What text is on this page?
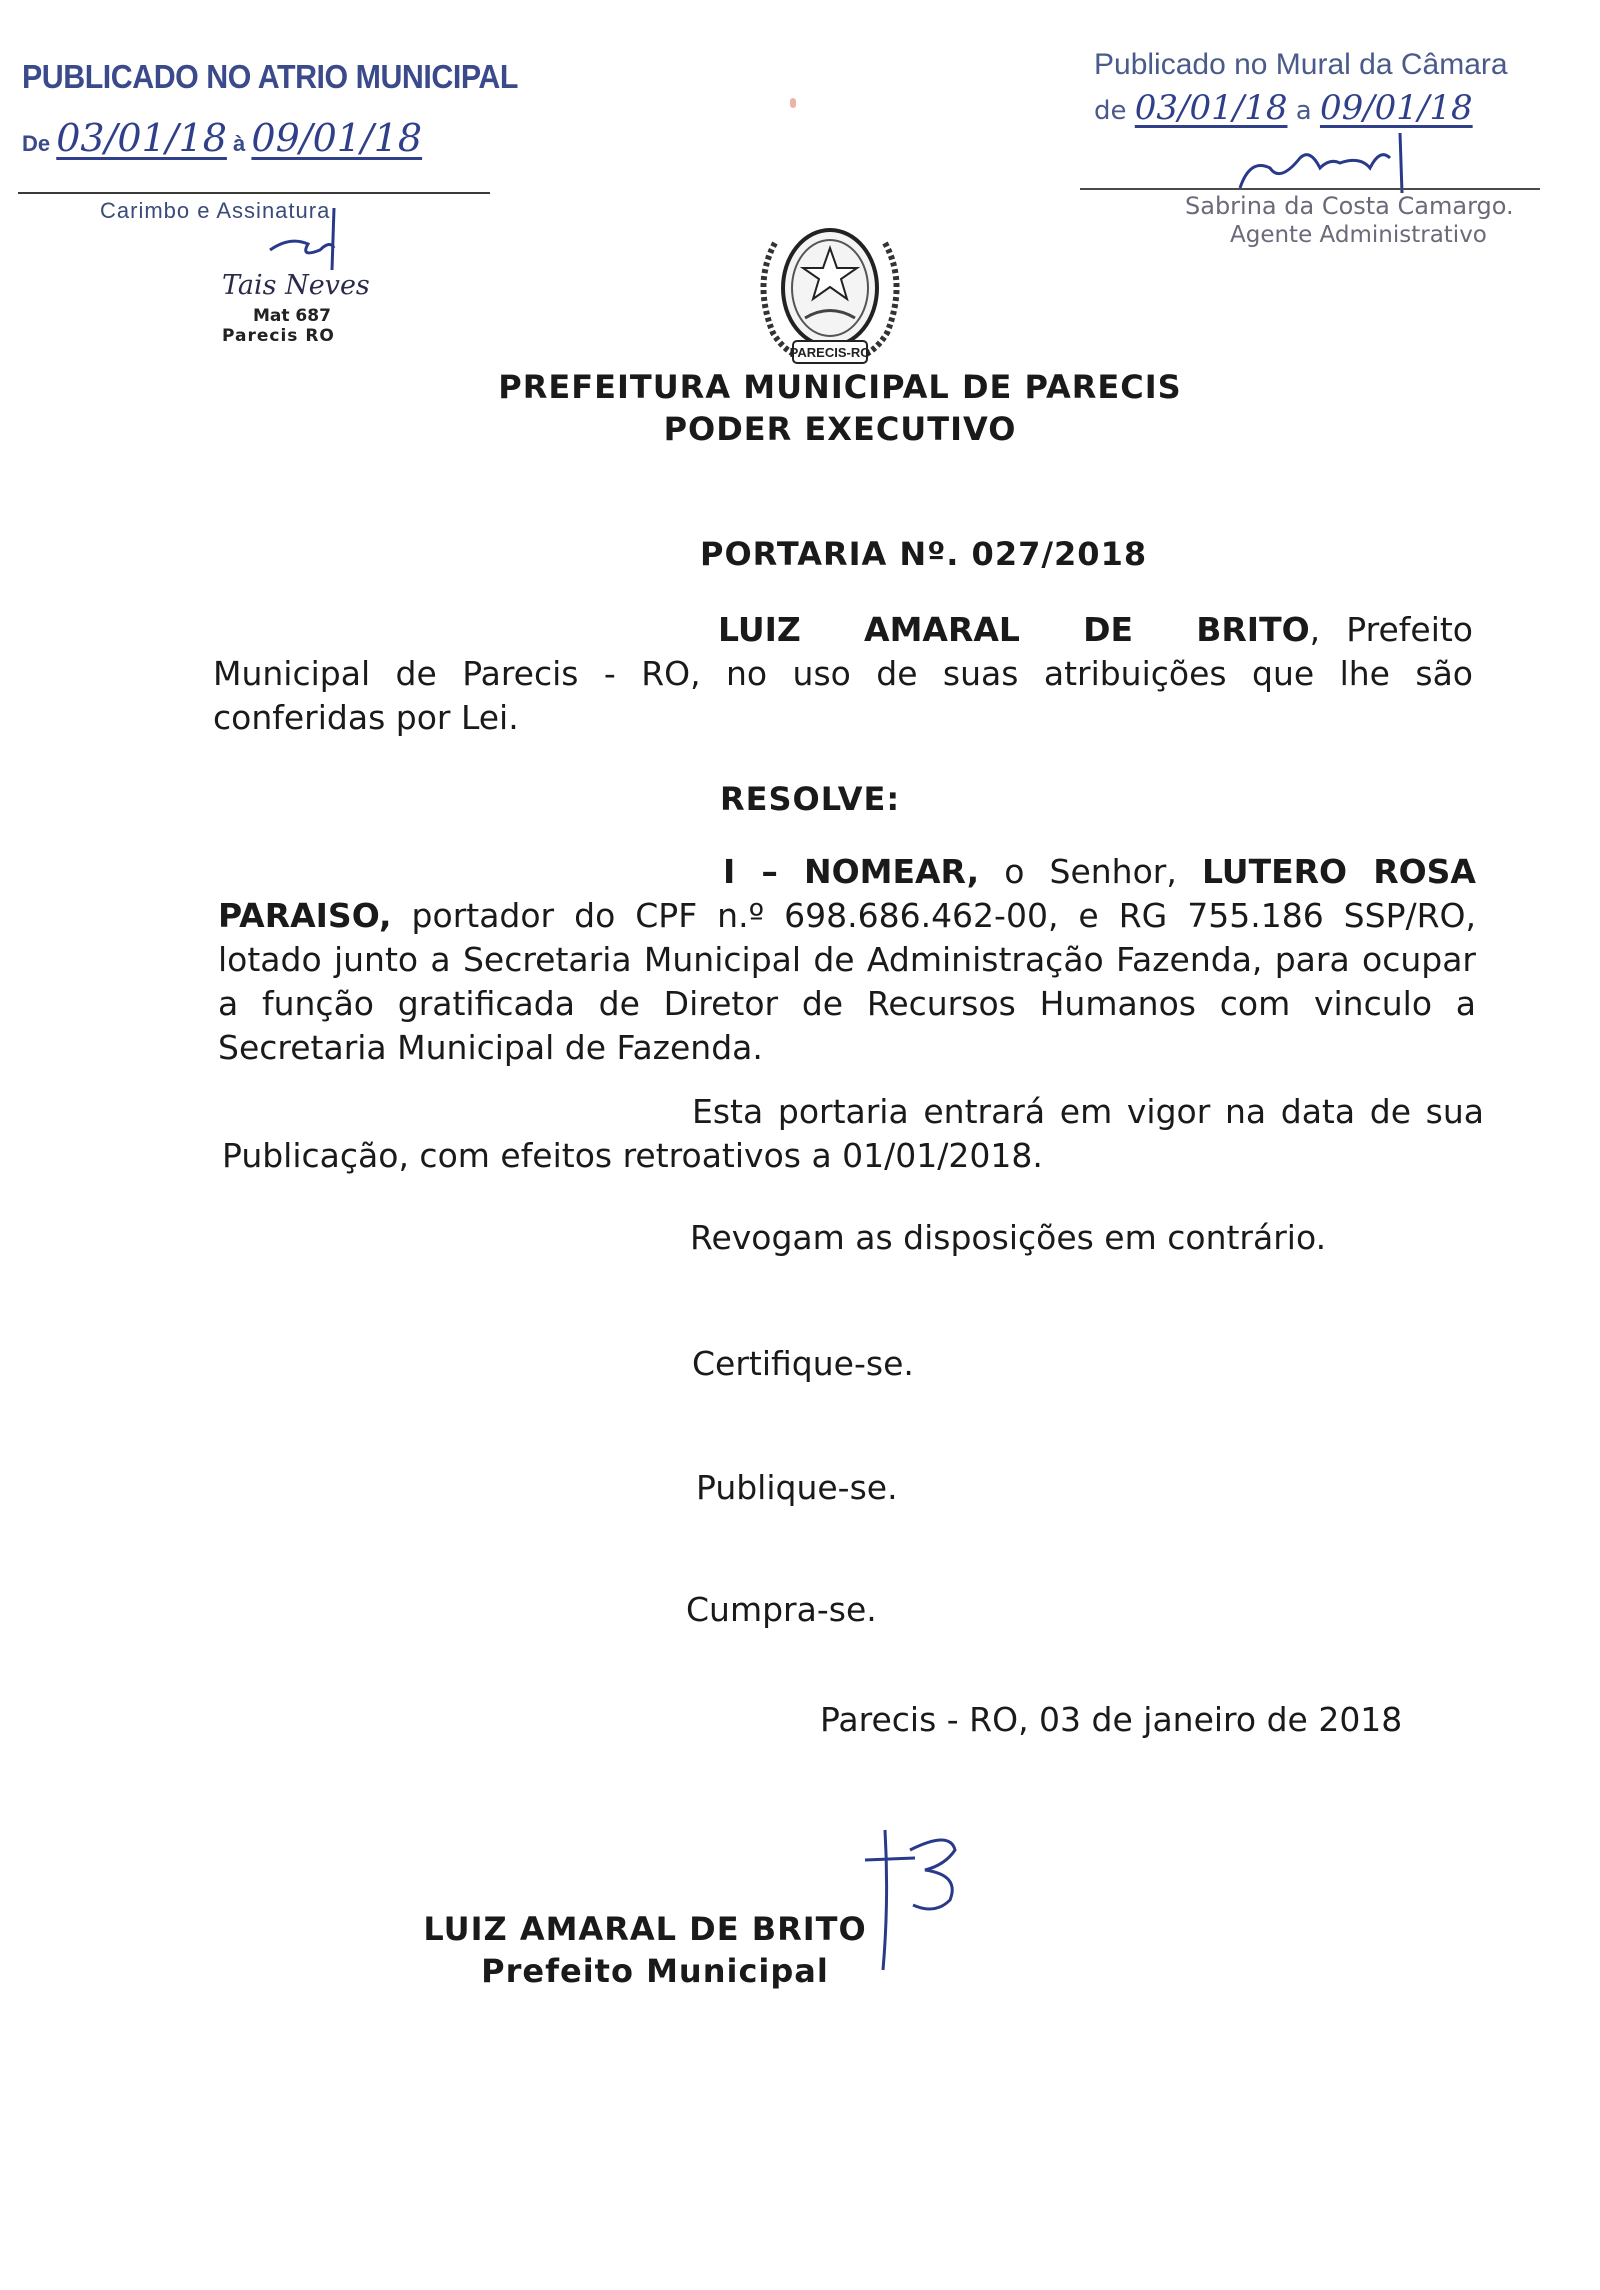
PUBLICADO NO ATRIO MUNICIPAL
De 03/01/18 à 09/01/18
Carimbo e Assinatura
Tais Neves
Mat 687
Parecis RO
Publicado no Mural da Câmara
de 03/01/18 a 09/01/18
Sabrina da Costa Camargo.
Agente Administrativo
PARECIS-RO
PREFEITURA MUNICIPAL DE PARECIS
PODER EXECUTIVO
PORTARIA Nº. 027/2018
LUIZ AMARAL DE BRITO, Prefeito Municipal de Parecis - RO, no uso de suas atribuições que lhe são conferidas por Lei.
RESOLVE:
I – NOMEAR, o Senhor, LUTERO ROSA PARAISO, portador do CPF n.º 698.686.462-00, e RG 755.186 SSP/RO, lotado junto a Secretaria Municipal de Administração Fazenda, para ocupar a função gratificada de Diretor de Recursos Humanos com vinculo a Secretaria Municipal de Fazenda.
Esta portaria entrará em vigor na data de sua Publicação, com efeitos retroativos a 01/01/2018.
Revogam as disposições em contrário.
Certifique-se.
Publique-se.
Cumpra-se.
Parecis - RO, 03 de janeiro de 2018
LUIZ AMARAL DE BRITO
Prefeito Municipal
